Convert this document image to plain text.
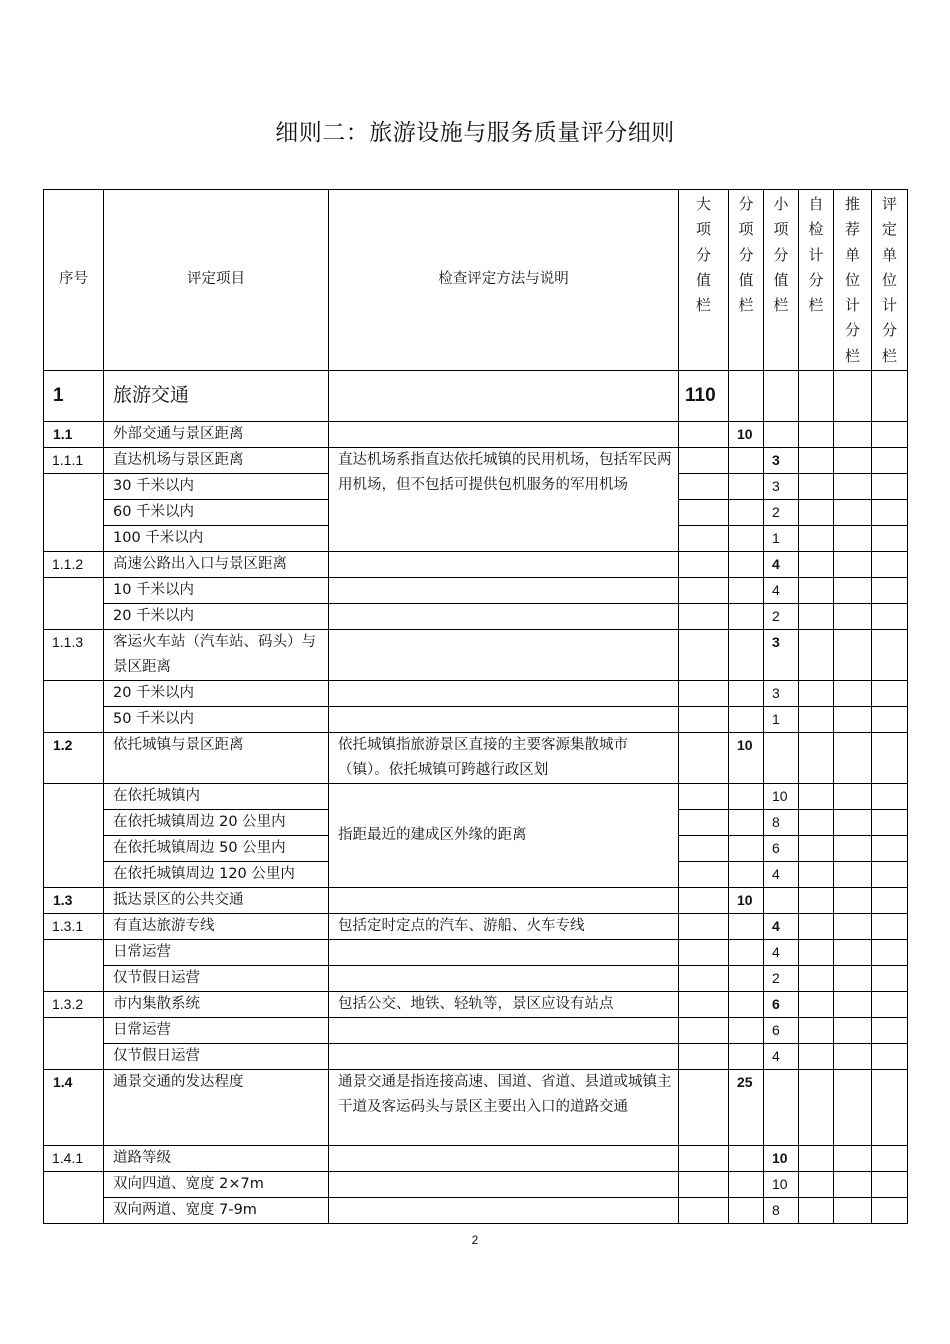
细则二：旅游设施与服务质量评分细则
序号	评定项目	检查评定方法与说明	大项分值栏	分项分值栏	小项分值栏	自检计分栏	推荐单位计分栏	评定单位计分栏
1	旅游交通		110					
1.1	外部交通与景区距离			10				
1.1.1	直达机场与景区距离	直达机场系指直达依托城镇的民用机场，包括军民两用机场，但不包括可提供包机服务的军用机场			3			
	30 千米以内				3			
	60 千米以内				2			
	100 千米以内				1			
1.1.2	高速公路出入口与景区距离				4			
	10 千米以内				4			
	20 千米以内				2			
1.1.3	客运火车站（汽车站、码头）与景区距离				3			
	20 千米以内				3			
	50 千米以内				1			
1.2	依托城镇与景区距离	依托城镇指旅游景区直接的主要客源集散城市（镇）。依托城镇可跨越行政区划		10				
	在依托城镇内	指距最近的建成区外缘的距离			10			
	在依托城镇周边 20 公里内				8			
	在依托城镇周边 50 公里内				6			
	在依托城镇周边 120 公里内				4			
1.3	抵达景区的公共交通			10				
1.3.1	有直达旅游专线	包括定时定点的汽车、游船、火车专线			4			
	日常运营				4			
	仅节假日运营				2			
1.3.2	市内集散系统	包括公交、地铁、轻轨等，景区应设有站点			6			
	日常运营				6			
	仅节假日运营				4			
1.4	通景交通的发达程度	通景交通是指连接高速、国道、省道、县道或城镇主干道及客运码头与景区主要出入口的道路交通		25				
1.4.1	道路等级				10			
	双向四道、宽度 2×7m				10			
	双向两道、宽度 7-9m				8			
2
